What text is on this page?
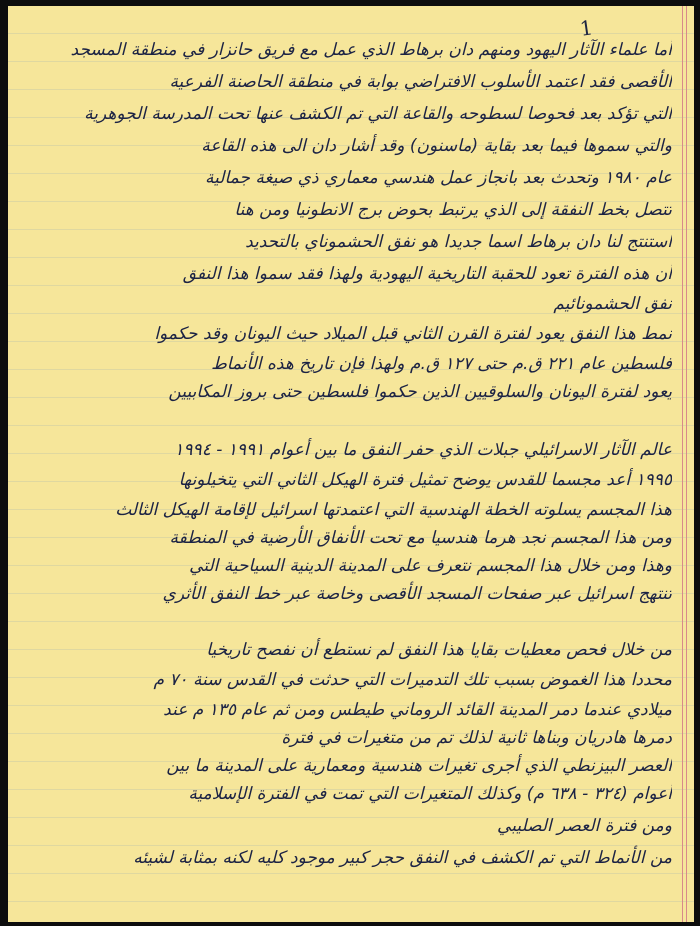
1
أما علماء الآثار اليهود ومنهم دان برهاط الذي عمل مع فريق حانزار في منطقة المسجد
الأقصى فقد اعتمد الأسلوب الافتراضي بوابة في منطقة الحاصنة الفرعية
التي تؤكد بعد فحوصا لسطوحه والقاعة التي تم الكشف عنها تحت المدرسة الجوهرية
والتي سموها فيما بعد بقاية (ماسنون) وقد أشار دان الى هذه القاعة
عام ١٩٨٠ وتحدث بعد بانجاز عمل هندسي معماري ذي صيغة جمالية
تتصل بخط النفقة إلى الذي يرتبط بحوض برج الانطونيا ومن هنا
استنتج لنا دان برهاط اسما جديدا هو نفق الحشموناي بالتحديد
أن هذه الفترة تعود للحقبة التاريخية اليهودية ولهذا فقد سموا هذا النفق
نفق الحشمونائيم
نمط هذا النفق يعود لفترة القرن الثاني قبل الميلاد حيث اليونان وقد حكموا
فلسطين عام ٢٢١ ق.م حتى ١٢٧ ق.م ولهذا فإن تاريخ هذه الأنماط
يعود لفترة اليونان والسلوقيين الذين حكموا فلسطين حتى بروز المكابيين
عالم الآثار الاسرائيلي جبلات الذي حفر النفق ما بين أعوام ١٩٩١ - ١٩٩٤
١٩٩٥ أعد مجسما للقدس يوضح تمثيل فترة الهيكل الثاني التي يتخيلونها
هذا المجسم يسلوته الخطة الهندسية التي اعتمدتها اسرائيل لإقامة الهيكل الثالث
ومن هذا المجسم نجد هرما هندسيا مع تحت الأنفاق الأرضية في المنطقة
وهذا ومن خلال هذا المجسم نتعرف على المدينة الدينية السياحية التي
تنتهج اسرائيل عبر صفحات المسجد الأقصى وخاصة عبر خط النفق الأثري
من خلال فحص معطيات بقايا هذا النفق لم نستطع أن نفصح تاريخيا
محددا هذا الغموض بسبب تلك التدميرات التي حدثت في القدس سنة ٧٠ م
ميلادي عندما دمر المدينة القائد الروماني طيطس ومن ثم عام ١٣٥ م عند
دمرها هادريان وبناها ثانية لذلك تم من متغيرات في فترة
العصر البيزنطي الذي أجرى تغيرات هندسية ومعمارية على المدينة ما بين
أعوام (٣٢٤ - ٦٣٨ م) وكذلك المتغيرات التي تمت في الفترة الإسلامية
ومن فترة العصر الصليبي
من الأنماط التي تم الكشف في النفق حجر كبير موجود كليه لكنه بمثابة لشيئه
